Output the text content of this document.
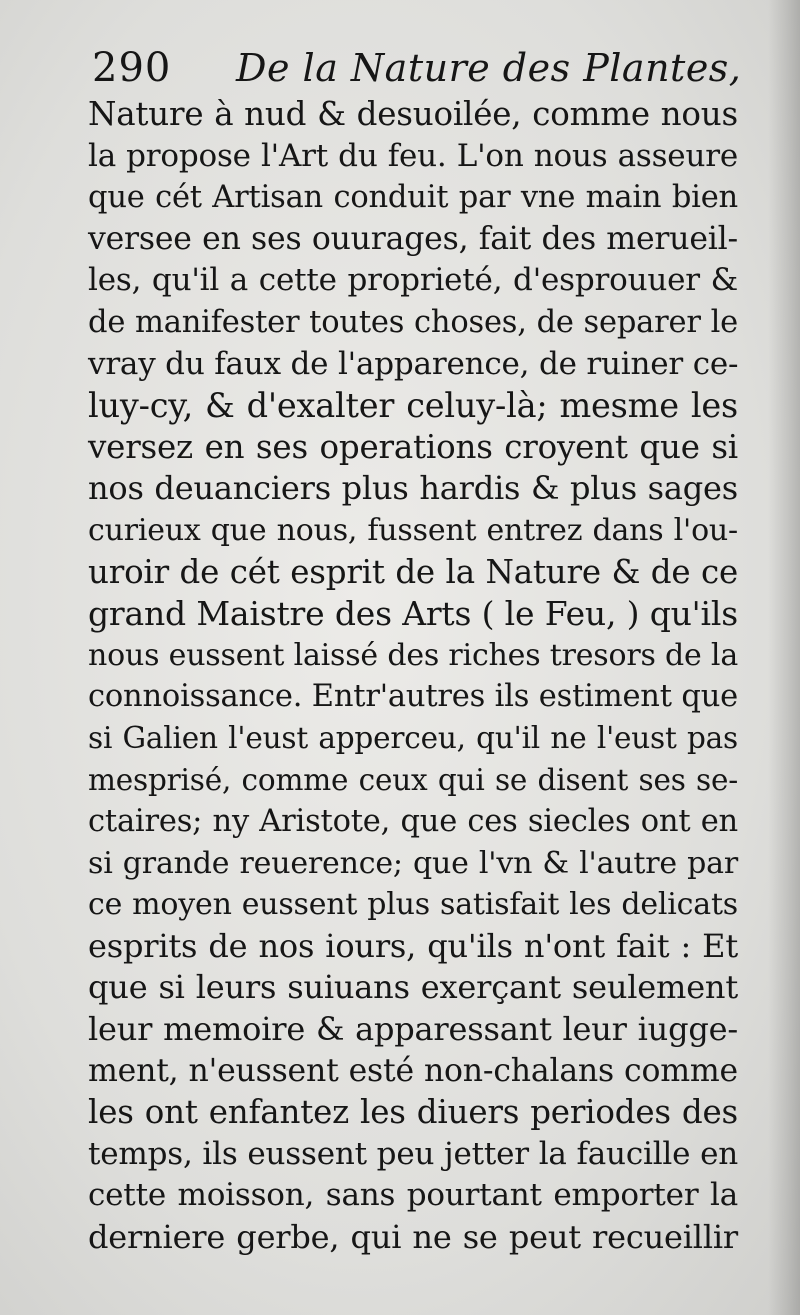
290 De la Nature des Plantes,
Nature à nud & desuoilée, comme nous
la propose l'Art du feu. L'on nous asseure
que cét Artisan conduit par vne main bien
versee en ses ouurages, fait des merueil-
les, qu'il a cette proprieté, d'esprouuer &
de manifester toutes choses, de separer le
vray du faux de l'apparence, de ruiner ce-
luy-cy, & d'exalter celuy-là; mesme les
versez en ses operations croyent que si
nos deuanciers plus hardis & plus sages
curieux que nous, fussent entrez dans l'ou-
uroir de cét esprit de la Nature & de ce
grand Maistre des Arts ( le Feu, ) qu'ils
nous eussent laissé des riches tresors de la
connoissance. Entr'autres ils estiment que
si Galien l'eust apperceu, qu'il ne l'eust pas
mesprisé, comme ceux qui se disent ses se-
ctaires; ny Aristote, que ces siecles ont en
si grande reuerence; que l'vn & l'autre par
ce moyen eussent plus satisfait les delicats
esprits de nos iours, qu'ils n'ont fait : Et
que si leurs suiuans exerçant seulement
leur memoire & apparessant leur iugge-
ment, n'eussent esté non-chalans comme
les ont enfantez les diuers periodes des
temps, ils eussent peu jetter la faucille en
cette moisson, sans pourtant emporter la
derniere gerbe, qui ne se peut recueillir
